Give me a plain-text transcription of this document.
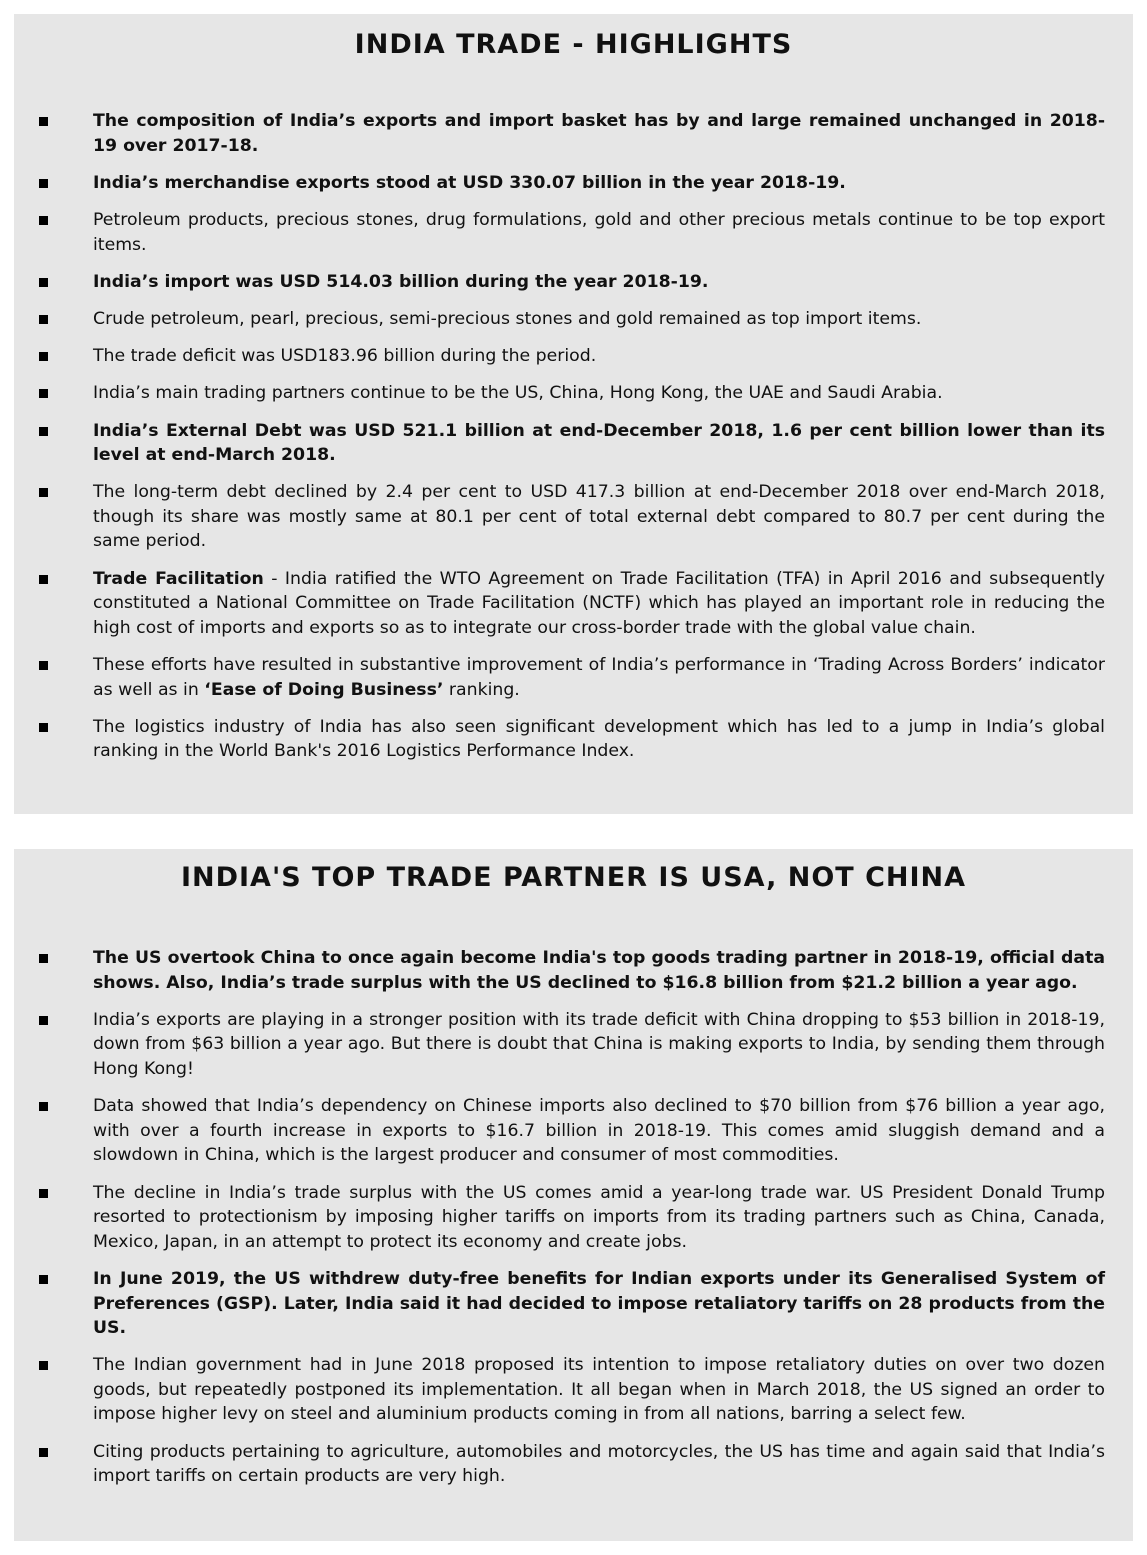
INDIA TRADE - HIGHLIGHTS
The composition of India’s exports and import basket has by and large remained unchanged in 2018-19 over 2017-18.
India’s merchandise exports stood at USD 330.07 billion in the year 2018-19.
Petroleum products, precious stones, drug formulations, gold and other precious metals continue to be top export items.
India’s import was USD 514.03 billion during the year 2018-19.
Crude petroleum, pearl, precious, semi-precious stones and gold remained as top import items.
The trade deficit was USD183.96 billion during the period.
India’s main trading partners continue to be the US, China, Hong Kong, the UAE and Saudi Arabia.
India’s External Debt was USD 521.1 billion at end-December 2018, 1.6 per cent billion lower than its level at end-March 2018.
The long-term debt declined by 2.4 per cent to USD 417.3 billion at end-December 2018 over end-March 2018, though its share was mostly same at 80.1 per cent of total external debt compared to 80.7 per cent during the same period.
Trade Facilitation - India ratified the WTO Agreement on Trade Facilitation (TFA) in April 2016 and subsequently constituted a National Committee on Trade Facilitation (NCTF) which has played an important role in reducing the high cost of imports and exports so as to integrate our cross-border trade with the global value chain.
These efforts have resulted in substantive improvement of India’s performance in ‘Trading Across Borders’ indicator as well as in ‘Ease of Doing Business’ ranking.
The logistics industry of India has also seen significant development which has led to a jump in India’s global ranking in the World Bank's 2016 Logistics Performance Index.
INDIA'S TOP TRADE PARTNER IS USA, NOT CHINA
The US overtook China to once again become India's top goods trading partner in 2018-19, official data shows. Also, India’s trade surplus with the US declined to $16.8 billion from $21.2 billion a year ago.
India’s exports are playing in a stronger position with its trade deficit with China dropping to $53 billion in 2018-19, down from $63 billion a year ago. But there is doubt that China is making exports to India, by sending them through Hong Kong!
Data showed that India’s dependency on Chinese imports also declined to $70 billion from $76 billion a year ago, with over a fourth increase in exports to $16.7 billion in 2018-19. This comes amid sluggish demand and a slowdown in China, which is the largest producer and consumer of most commodities.
The decline in India’s trade surplus with the US comes amid a year-long trade war. US President Donald Trump resorted to protectionism by imposing higher tariffs on imports from its trading partners such as China, Canada, Mexico, Japan, in an attempt to protect its economy and create jobs.
In June 2019, the US withdrew duty-free benefits for Indian exports under its Generalised System of Preferences (GSP). Later, India said it had decided to impose retaliatory tariffs on 28 products from the US.
The Indian government had in June 2018 proposed its intention to impose retaliatory duties on over two dozen goods, but repeatedly postponed its implementation. It all began when in March 2018, the US signed an order to impose higher levy on steel and aluminium products coming in from all nations, barring a select few.
Citing products pertaining to agriculture, automobiles and motorcycles, the US has time and again said that India’s import tariffs on certain products are very high.
